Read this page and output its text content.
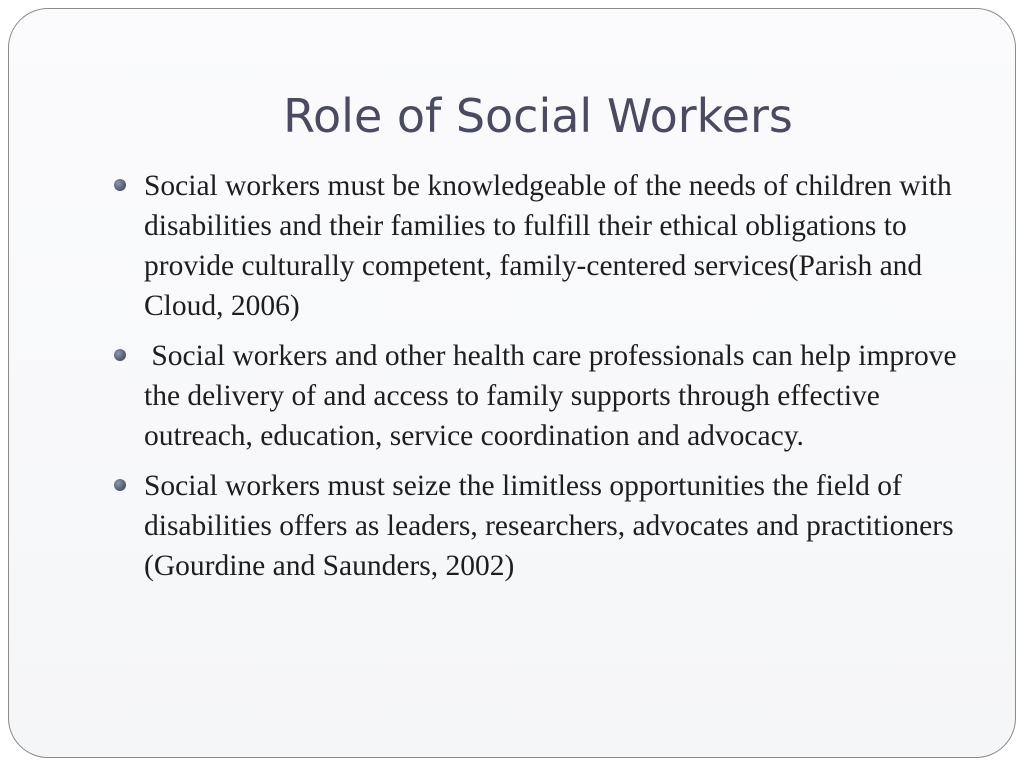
Role of Social Workers
Social workers must be knowledgeable of the needs of children with disabilities and their families to fulfill their ethical obligations to provide culturally competent, family-centered services(Parish and Cloud, 2006)
Social workers and other health care professionals can help improve the delivery of and access to family supports through effective outreach, education, service coordination and advocacy.
Social workers must seize the limitless opportunities the field of disabilities offers as leaders, researchers, advocates and practitioners (Gourdine and Saunders, 2002)
